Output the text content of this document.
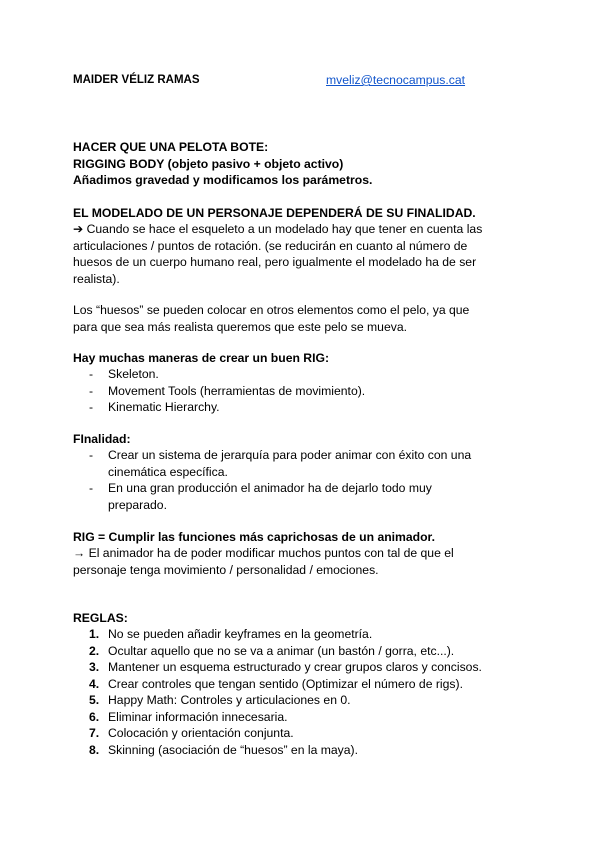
MAIDER VÉLIZ RAMAS	mveliz@tecnocampus.cat
HACER QUE UNA PELOTA BOTE:
RIGGING BODY (objeto pasivo + objeto activo)
Añadimos gravedad y modificamos los parámetros.
EL MODELADO DE UN PERSONAJE DEPENDERÁ DE SU FINALIDAD.
➔ Cuando se hace el esqueleto a un modelado hay que tener en cuenta las
articulaciones / puntos de rotación. (se reducirán en cuanto al número de
huesos de un cuerpo humano real, pero igualmente el modelado ha de ser
realista).
Los “huesos” se pueden colocar en otros elementos como el pelo, ya que
para que sea más realista queremos que este pelo se mueva.
Hay muchas maneras de crear un buen RIG:
- Skeleton.
- Movement Tools (herramientas de movimiento).
- Kinematic Hierarchy.
FInalidad:
- Crear un sistema de jerarquía para poder animar con éxito con una
cinemática específica.
- En una gran producción el animador ha de dejarlo todo muy
preparado.
RIG = Cumplir las funciones más caprichosas de un animador.
→ El animador ha de poder modificar muchos puntos con tal de que el
personaje tenga movimiento / personalidad / emociones.
REGLAS:
1. No se pueden añadir keyframes en la geometría.
2. Ocultar aquello que no se va a animar (un bastón / gorra, etc...).
3. Mantener un esquema estructurado y crear grupos claros y concisos.
4. Crear controles que tengan sentido (Optimizar el número de rigs).
5. Happy Math: Controles y articulaciones en 0.
6. Eliminar información innecesaria.
7. Colocación y orientación conjunta.
8. Skinning (asociación de “huesos” en la maya).
